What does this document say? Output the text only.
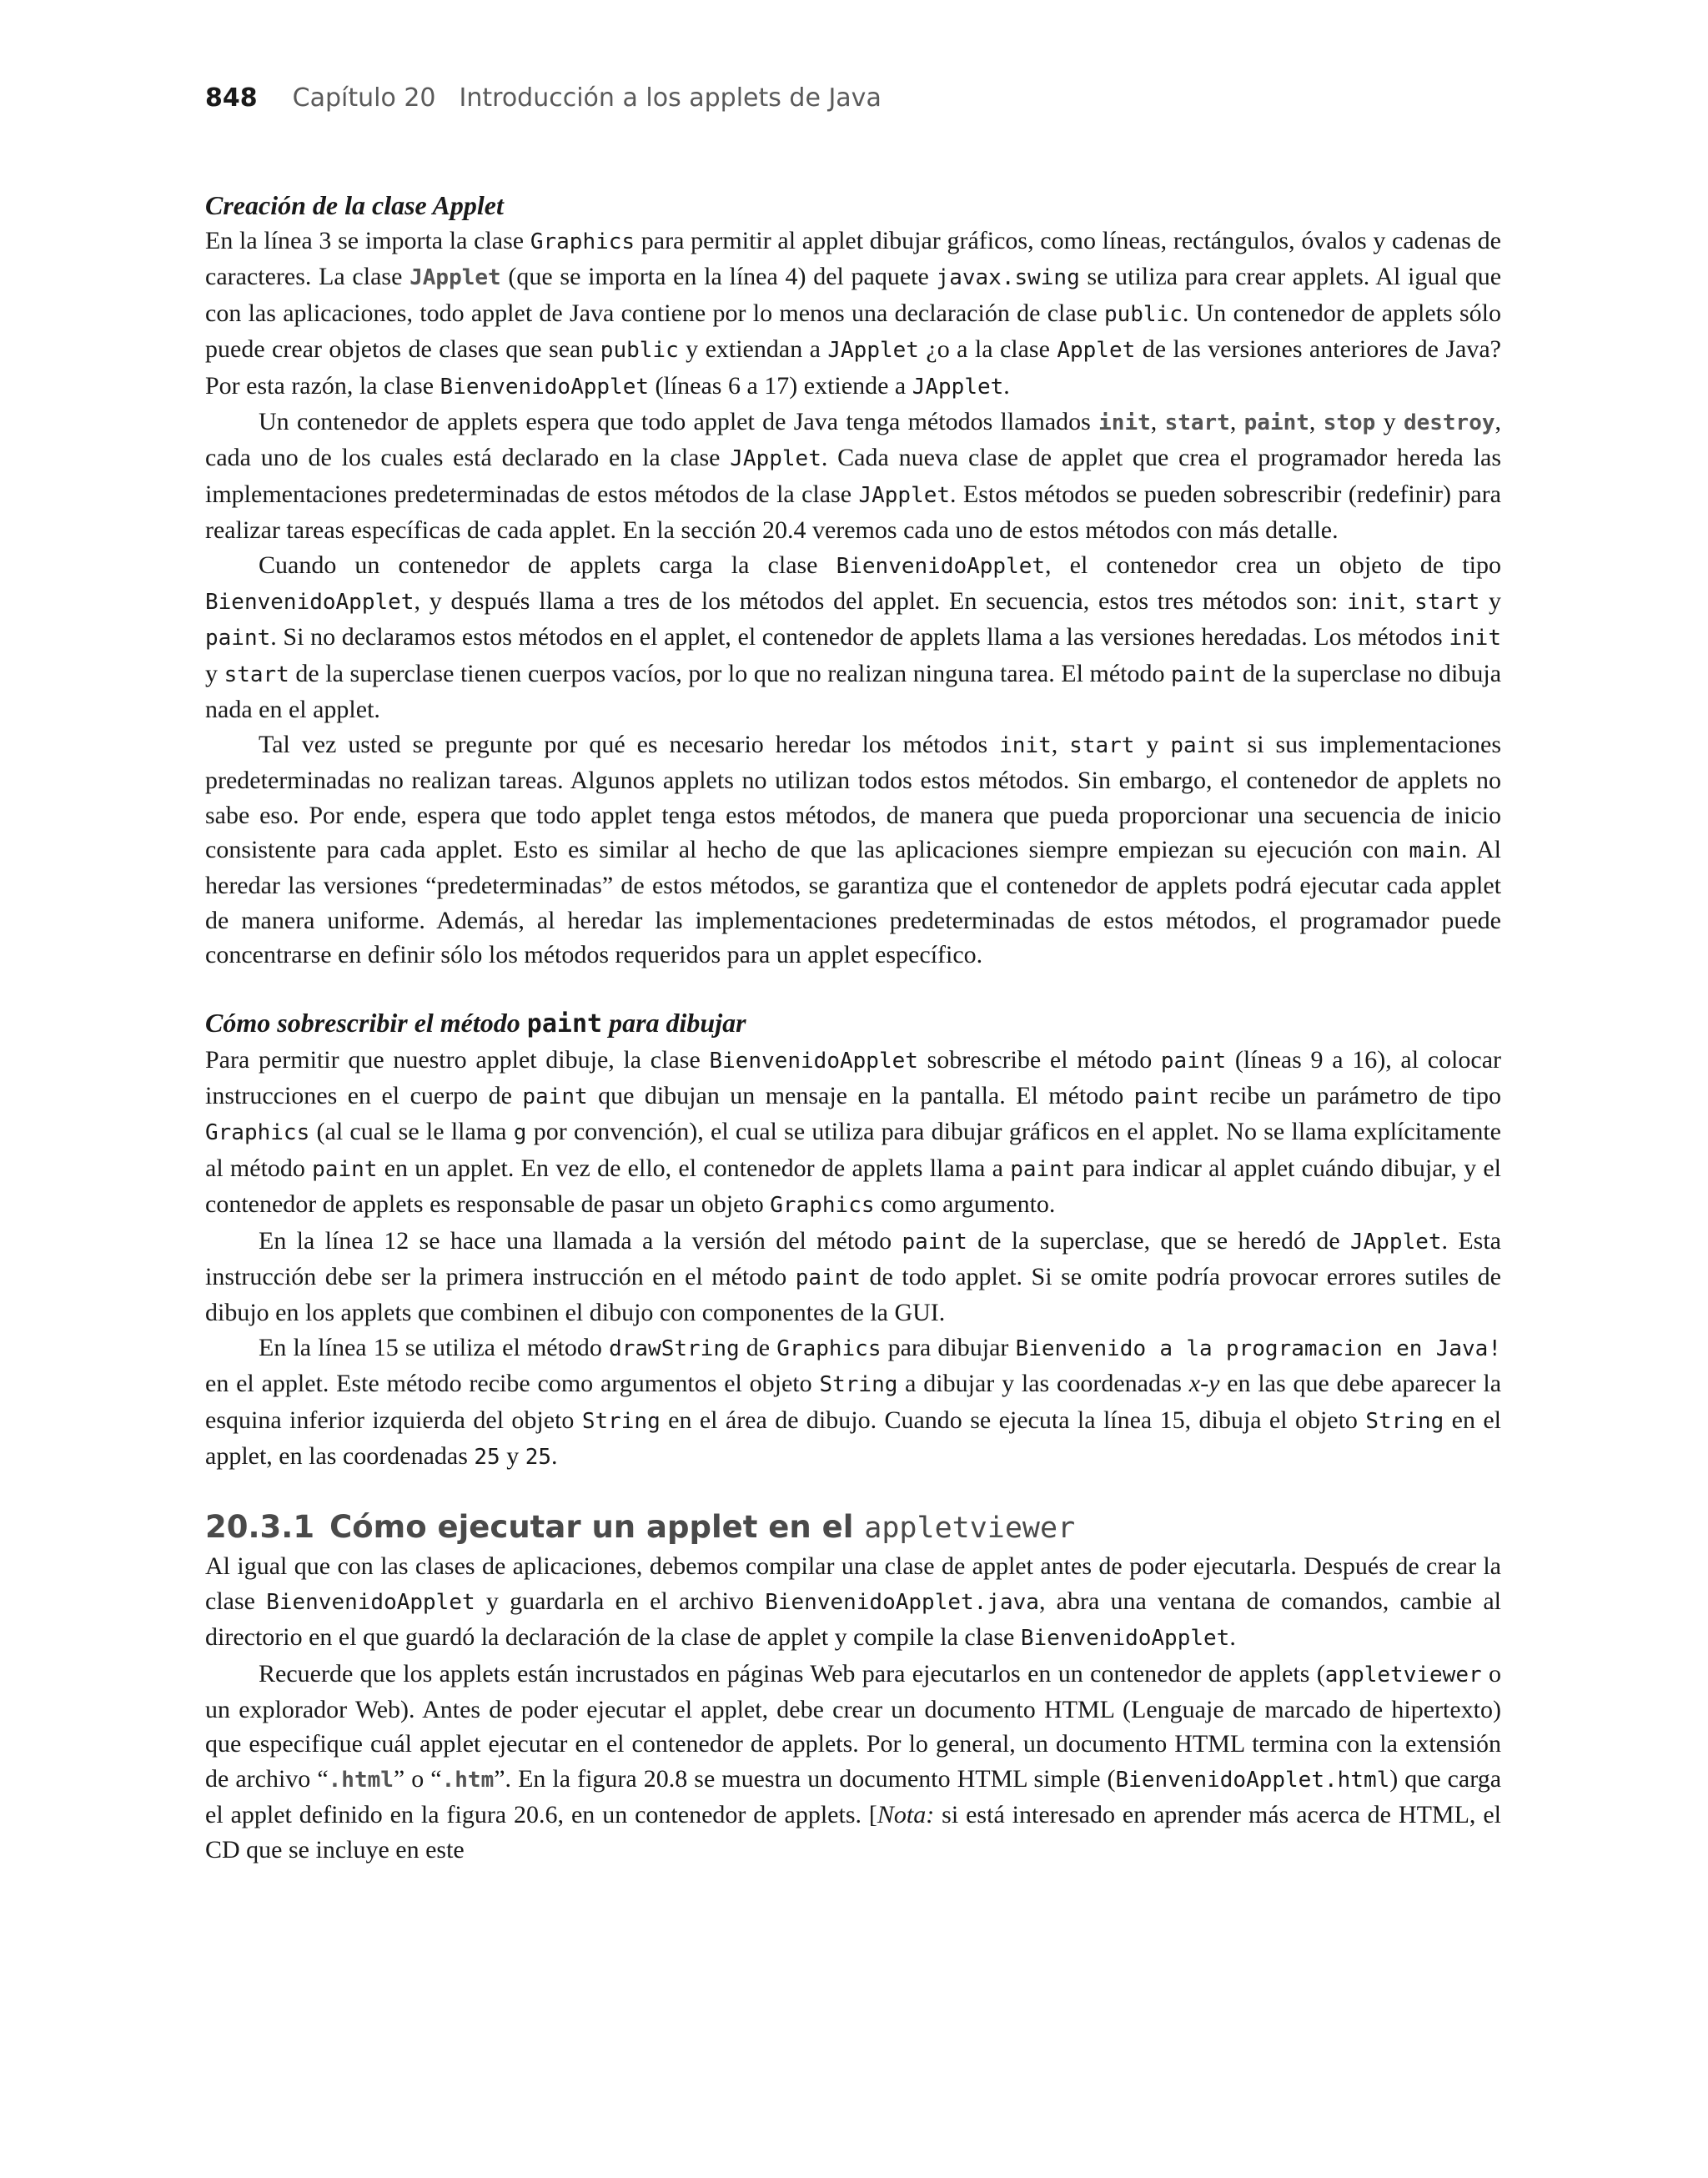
848 Capítulo 20 Introducción a los applets de Java
Creación de la clase Applet

En la línea 3 se importa la clase Graphics para permitir al applet dibujar gráficos, como líneas, rectángulos, óvalos y cadenas de caracteres. La clase JApplet (que se importa en la línea 4) del paquete javax.swing se utiliza para crear applets. Al igual que con las aplicaciones, todo applet de Java contiene por lo menos una declaración de clase public. Un contenedor de applets sólo puede crear objetos de clases que sean public y extiendan a JApplet ¿o a la clase Applet de las versiones anteriores de Java? Por esta razón, la clase BienvenidoApplet (líneas 6 a 17) extiende a JApplet.

Un contenedor de applets espera que todo applet de Java tenga métodos llamados init, start, paint, stop y destroy, cada uno de los cuales está declarado en la clase JApplet. Cada nueva clase de applet que crea el programador hereda las implementaciones predeterminadas de estos métodos de la clase JApplet. Estos métodos se pueden sobrescribir (redefinir) para realizar tareas específicas de cada applet. En la sección 20.4 veremos cada uno de estos métodos con más detalle.

Cuando un contenedor de applets carga la clase BienvenidoApplet, el contenedor crea un objeto de tipo BienvenidoApplet, y después llama a tres de los métodos del applet. En secuencia, estos tres métodos son: init, start y paint. Si no declaramos estos métodos en el applet, el contenedor de applets llama a las versiones heredadas. Los métodos init y start de la superclase tienen cuerpos vacíos, por lo que no realizan ninguna tarea. El método paint de la superclase no dibuja nada en el applet.

Tal vez usted se pregunte por qué es necesario heredar los métodos init, start y paint si sus implementaciones predeterminadas no realizan tareas. Algunos applets no utilizan todos estos métodos. Sin embargo, el contenedor de applets no sabe eso. Por ende, espera que todo applet tenga estos métodos, de manera que pueda proporcionar una secuencia de inicio consistente para cada applet. Esto es similar al hecho de que las aplicaciones siempre empiezan su ejecución con main. Al heredar las versiones “predeterminadas” de estos métodos, se garantiza que el contenedor de applets podrá ejecutar cada applet de manera uniforme. Además, al heredar las implementaciones predeterminadas de estos métodos, el programador puede concentrarse en definir sólo los métodos requeridos para un applet específico.

Cómo sobrescribir el método paint para dibujar

Para permitir que nuestro applet dibuje, la clase BienvenidoApplet sobrescribe el método paint (líneas 9 a 16), al colocar instrucciones en el cuerpo de paint que dibujan un mensaje en la pantalla. El método paint recibe un parámetro de tipo Graphics (al cual se le llama g por convención), el cual se utiliza para dibujar gráficos en el applet. No se llama explícitamente al método paint en un applet. En vez de ello, el contenedor de applets llama a paint para indicar al applet cuándo dibujar, y el contenedor de applets es responsable de pasar un objeto Graphics como argumento.

En la línea 12 se hace una llamada a la versión del método paint de la superclase, que se heredó de JApplet. Esta instrucción debe ser la primera instrucción en el método paint de todo applet. Si se omite podría provocar errores sutiles de dibujo en los applets que combinen el dibujo con componentes de la GUI.

En la línea 15 se utiliza el método drawString de Graphics para dibujar Bienvenido a la programacion en Java! en el applet. Este método recibe como argumentos el objeto String a dibujar y las coordenadas x-y en las que debe aparecer la esquina inferior izquierda del objeto String en el área de dibujo. Cuando se ejecuta la línea 15, dibuja el objeto String en el applet, en las coordenadas 25 y 25.

20.3.1 Cómo ejecutar un applet en el appletviewer

Al igual que con las clases de aplicaciones, debemos compilar una clase de applet antes de poder ejecutarla. Después de crear la clase BienvenidoApplet y guardarla en el archivo BienvenidoApplet.java, abra una ventana de comandos, cambie al directorio en el que guardó la declaración de la clase de applet y compile la clase BienvenidoApplet.

Recuerde que los applets están incrustados en páginas Web para ejecutarlos en un contenedor de applets (appletviewer o un explorador Web). Antes de poder ejecutar el applet, debe crear un documento HTML (Lenguaje de marcado de hipertexto) que especifique cuál applet ejecutar en el contenedor de applets. Por lo general, un documento HTML termina con la extensión de archivo “.html” o “.htm”. En la figura 20.8 se muestra un documento HTML simple (BienvenidoApplet.html) que carga el applet definido en la figura 20.6, en un contenedor de applets. [Nota: si está interesado en aprender más acerca de HTML, el CD que se incluye en este
